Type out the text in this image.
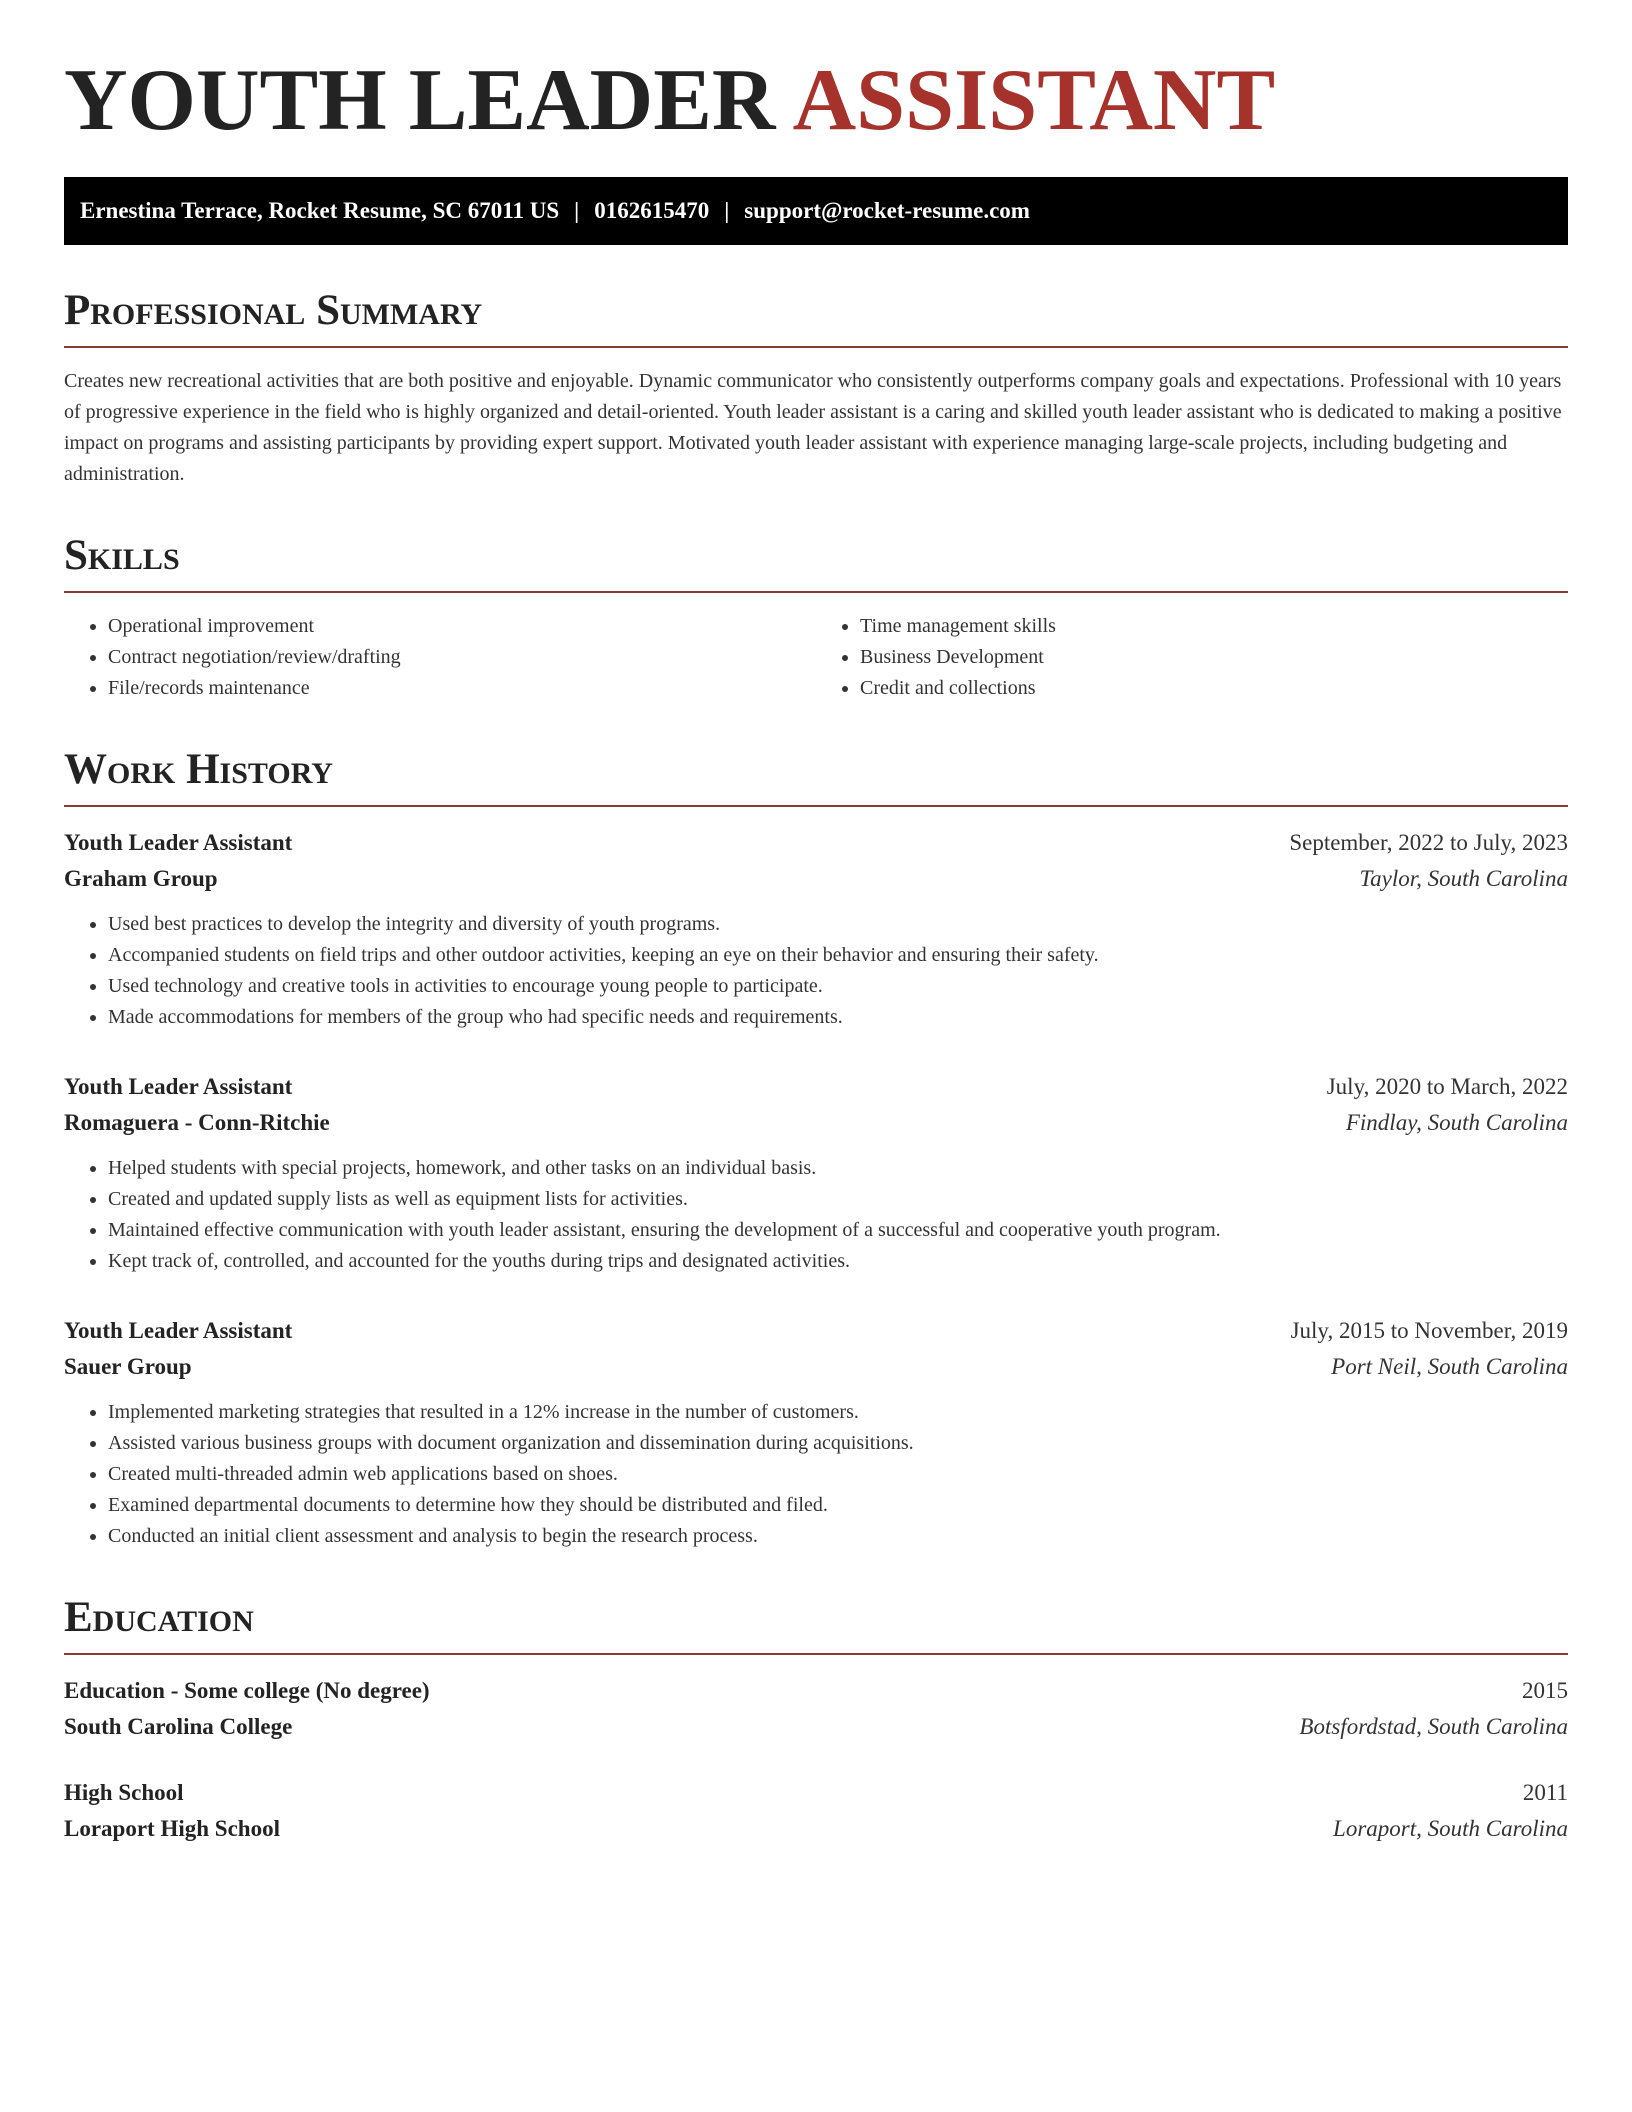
YOUTH LEADER ASSISTANT
Ernestina Terrace, Rocket Resume, SC 67011 US | 0162615470 | support@rocket-resume.com
Professional Summary

Creates new recreational activities that are both positive and enjoyable. Dynamic communicator who consistently outperforms company goals and expectations. Professional with 10 years of progressive experience in the field who is highly organized and detail-oriented. Youth leader assistant is a caring and skilled youth leader assistant who is dedicated to making a positive impact on programs and assisting participants by providing expert support. Motivated youth leader assistant with experience managing large-scale projects, including budgeting and administration.

Skills
• Operational improvement
• Contract negotiation/review/drafting
• File/records maintenance
• Time management skills
• Business Development
• Credit and collections
Work History
Youth Leader Assistant	September, 2022 to July, 2023
Graham Group	Taylor, South Carolina
• Used best practices to develop the integrity and diversity of youth programs.
• Accompanied students on field trips and other outdoor activities, keeping an eye on their behavior and ensuring their safety.
• Used technology and creative tools in activities to encourage young people to participate.
• Made accommodations for members of the group who had specific needs and requirements.
Youth Leader Assistant	July, 2020 to March, 2022
Romaguera - Conn-Ritchie	Findlay, South Carolina
• Helped students with special projects, homework, and other tasks on an individual basis.
• Created and updated supply lists as well as equipment lists for activities.
• Maintained effective communication with youth leader assistant, ensuring the development of a successful and cooperative youth program.
• Kept track of, controlled, and accounted for the youths during trips and designated activities.
Youth Leader Assistant	July, 2015 to November, 2019
Sauer Group	Port Neil, South Carolina
• Implemented marketing strategies that resulted in a 12% increase in the number of customers.
• Assisted various business groups with document organization and dissemination during acquisitions.
• Created multi-threaded admin web applications based on shoes.
• Examined departmental documents to determine how they should be distributed and filed.
• Conducted an initial client assessment and analysis to begin the research process.
Education
Education - Some college (No degree)	2015
South Carolina College	Botsfordstad, South Carolina
High School	2011
Loraport High School	Loraport, South Carolina
